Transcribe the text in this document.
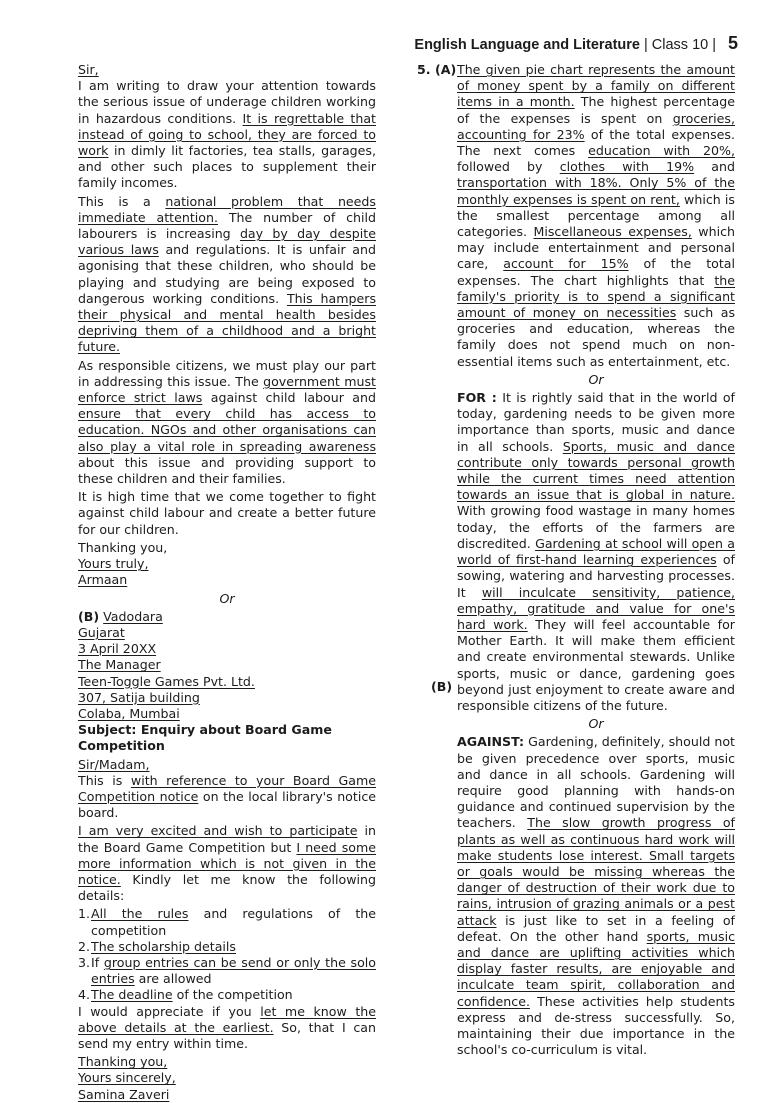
English Language and Literature | Class 10 | 5

Sir,

I am writing to draw your attention towards the serious issue of underage children working in hazardous conditions. It is regrettable that instead of going to school, they are forced to work in dimly lit factories, tea stalls, garages, and other such places to supplement their family incomes.

This is a national problem that needs immediate attention. The number of child labourers is increasing day by day despite various laws and regulations. It is unfair and agonising that these children, who should be playing and studying are being exposed to dangerous working conditions. This hampers their physical and mental health besides depriving them of a childhood and a bright future.

As responsible citizens, we must play our part in addressing this issue. The government must enforce strict laws against child labour and ensure that every child has access to education. NGOs and other organisations can also play a vital role in spreading awareness about this issue and providing support to these children and their families.

It is high time that we come together to fight against child labour and create a better future for our children.

Thanking you,

Yours truly,

Armaan

Or

(B) Vadodara

Gujarat

3 April 20XX

The Manager

Teen-Toggle Games Pvt. Ltd.

307, Satija building

Colaba, Mumbai

Subject: Enquiry about Board Game Competition

Sir/Madam,

This is with reference to your Board Game Competition notice on the local library's notice board.

I am very excited and wish to participate in the Board Game Competition but I need some more information which is not given in the notice. Kindly let me know the following details:

1. All the rules and regulations of the competition
2. The scholarship details
3. If group entries can be send or only the solo entries are allowed
4. The deadline of the competition

I would appreciate if you let me know the above details at the earliest. So, that I can send my entry within time.

Thanking you,

Yours sincerely,

Samina Zaveri

5. (A)
(B)

The given pie chart represents the amount of money spent by a family on different items in a month. The highest percentage of the expenses is spent on groceries, accounting for 23% of the total expenses. The next comes education with 20%, followed by clothes with 19% and transportation with 18%. Only 5% of the monthly expenses is spent on rent, which is the smallest percentage among all categories. Miscellaneous expenses, which may include entertainment and personal care, account for 15% of the total expenses. The chart highlights that the family's priority is to spend a significant amount of money on necessities such as groceries and education, whereas the family does not spend much on non-essential items such as entertainment, etc.

Or

FOR : It is rightly said that in the world of today, gardening needs to be given more importance than sports, music and dance in all schools. Sports, music and dance contribute only towards personal growth while the current times need attention towards an issue that is global in nature. With growing food wastage in many homes today, the efforts of the farmers are discredited. Gardening at school will open a world of first-hand learning experiences of sowing, watering and harvesting processes. It will inculcate sensitivity, patience, empathy, gratitude and value for one's hard work. They will feel accountable for Mother Earth. It will make them efficient and create environmental stewards. Unlike sports, music or dance, gardening goes beyond just enjoyment to create aware and responsible citizens of the future.

Or

AGAINST: Gardening, definitely, should not be given precedence over sports, music and dance in all schools. Gardening will require good planning with hands-on guidance and continued supervision by the teachers. The slow growth progress of plants as well as continuous hard work will make students lose interest. Small targets or goals would be missing whereas the danger of destruction of their work due to rains, intrusion of grazing animals or a pest attack is just like to set in a feeling of defeat. On the other hand sports, music and dance are uplifting activities which display faster results, are enjoyable and inculcate team spirit, collaboration and confidence. These activities help students express and de-stress successfully. So, maintaining their due importance in the school's co-curriculum is vital.
